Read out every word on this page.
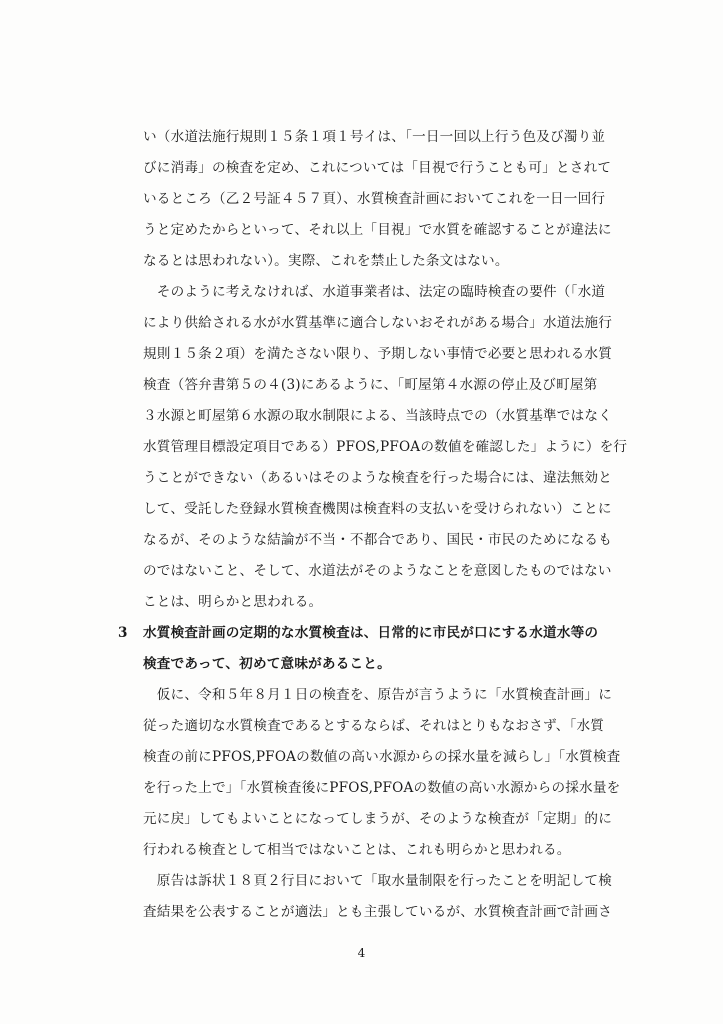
い（水道法施行規則１５条１項１号イは、「一日一回以上行う色及び濁り並
びに消毒」の検査を定め、これについては「目視で行うことも可」とされて
いるところ（乙２号証４５７頁）、水質検査計画においてこれを一日一回行
うと定めたからといって、それ以上「目視」で水質を確認することが違法に
なるとは思われない）。実際、これを禁止した条文はない。
　そのように考えなければ、水道事業者は、法定の臨時検査の要件（「水道
により供給される水が水質基準に適合しないおそれがある場合」水道法施行
規則１５条２項）を満たさない限り、予期しない事情で必要と思われる水質
検査（答弁書第５の４(3)にあるように、「町屋第４水源の停止及び町屋第
３水源と町屋第６水源の取水制限による、当該時点での（水質基準ではなく
水質管理目標設定項目である）PFOS,PFOAの数値を確認した」ように）を行
うことができない（あるいはそのような検査を行った場合には、違法無効と
して、受託した登録水質検査機関は検査料の支払いを受けられない）ことに
なるが、そのような結論が不当・不都合であり、国民・市民のためになるも
のではないこと、そして、水道法がそのようなことを意図したものではない
ことは、明らかと思われる。
3 水質検査計画の定期的な水質検査は、日常的に市民が口にする水道水等の
検査であって、初めて意味があること。
　仮に、令和５年８月１日の検査を、原告が言うように「水質検査計画」に
従った適切な水質検査であるとするならば、それはとりもなおさず、「水質
検査の前にPFOS,PFOAの数値の高い水源からの採水量を減らし」「水質検査
を行った上で」「水質検査後にPFOS,PFOAの数値の高い水源からの採水量を
元に戻」してもよいことになってしまうが、そのような検査が「定期」的に
行われる検査として相当ではないことは、これも明らかと思われる。
　原告は訴状１８頁２行目において「取水量制限を行ったことを明記して検
査結果を公表することが適法」とも主張しているが、水質検査計画で計画さ
4
